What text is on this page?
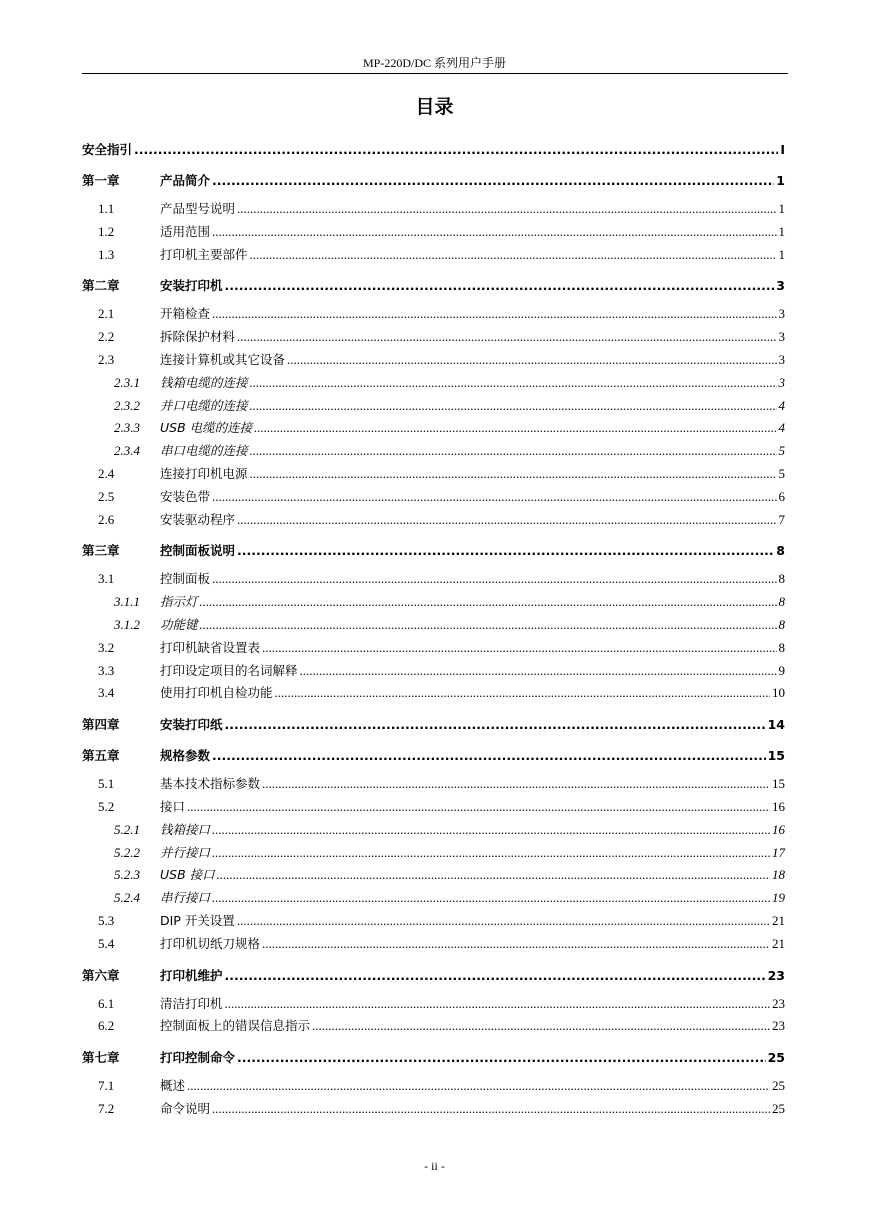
MP-220D/DC 系列用户手册
目录
安全指引 .....	I
第一章	产品简介 .....	1
1.1	产品型号说明 .....	1
1.2	适用范围 .....	1
1.3	打印机主要部件 .....	1
第二章	安装打印机 .....	3
2.1	开箱检查 .....	3
2.2	拆除保护材料 .....	3
2.3	连接计算机或其它设备 .....	3
2.3.1	钱箱电缆的连接 .....	3
2.3.2	并口电缆的连接 .....	4
2.3.3	USB 电缆的连接 .....	4
2.3.4	串口电缆的连接 .....	5
2.4	连接打印机电源 .....	5
2.5	安装色带 .....	6
2.6	安装驱动程序 .....	7
第三章	控制面板说明 .....	8
3.1	控制面板 .....	8
3.1.1	指示灯 .....	8
3.1.2	功能键 .....	8
3.2	打印机缺省设置表 .....	8
3.3	打印设定项目的名词解释 .....	9
3.4	使用打印机自检功能 .....	10
第四章	安装打印纸 .....	14
第五章	规格参数 .....	15
5.1	基本技术指标参数 .....	15
5.2	接口 .....	16
5.2.1	钱箱接口 .....	16
5.2.2	并行接口 .....	17
5.2.3	USB 接口 .....	18
5.2.4	串行接口 .....	19
5.3	DIP 开关设置 .....	21
5.4	打印机切纸刀规格 .....	21
第六章	打印机维护 .....	23
6.1	清洁打印机 .....	23
6.2	控制面板上的错误信息指示 .....	23
第七章	打印控制命令 .....	25
7.1	概述 .....	25
7.2	命令说明 .....	25
- ii -
